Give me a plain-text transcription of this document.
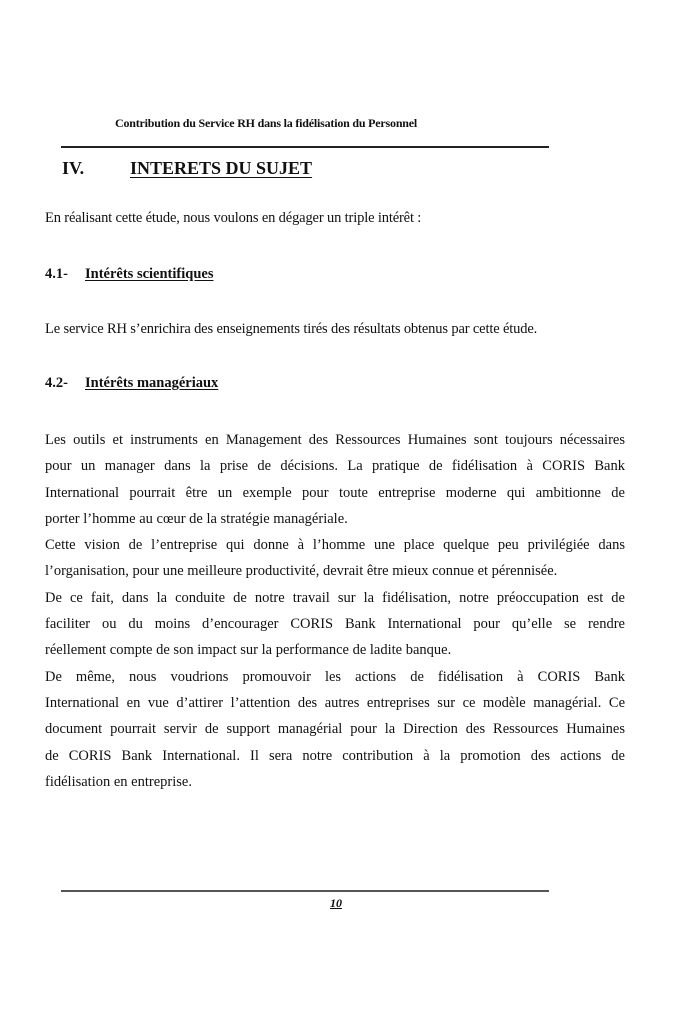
Contribution du Service RH dans la fidélisation du Personnel
IV.	INTERETS DU SUJET
En réalisant cette étude, nous voulons en dégager un triple intérêt :
4.1- Intérêts scientifiques
Le service RH s’enrichira des enseignements tirés des résultats obtenus par cette étude.
4.2- Intérêts managériaux
Les outils et instruments en Management des Ressources Humaines sont toujours nécessaires
pour un manager dans la prise de décisions. La pratique de fidélisation à CORIS Bank
International pourrait être un exemple pour toute entreprise moderne qui ambitionne de
porter l’homme au cœur de la stratégie managériale.
Cette vision de l’entreprise qui donne à l’homme une place quelque peu privilégiée dans
l’organisation, pour une meilleure productivité, devrait être mieux connue et pérennisée.
De ce fait, dans la conduite de notre travail sur la fidélisation, notre préoccupation est de
faciliter ou du moins d’encourager CORIS Bank International pour qu’elle se rendre
réellement compte de son impact sur la performance de ladite banque.
De même, nous voudrions promouvoir les actions de fidélisation à CORIS Bank
International en vue d’attirer l’attention des autres entreprises sur ce modèle managérial. Ce
document pourrait servir de support managérial pour la Direction des Ressources Humaines
de CORIS Bank International. Il sera notre contribution à la promotion des actions de
fidélisation en entreprise.
10
